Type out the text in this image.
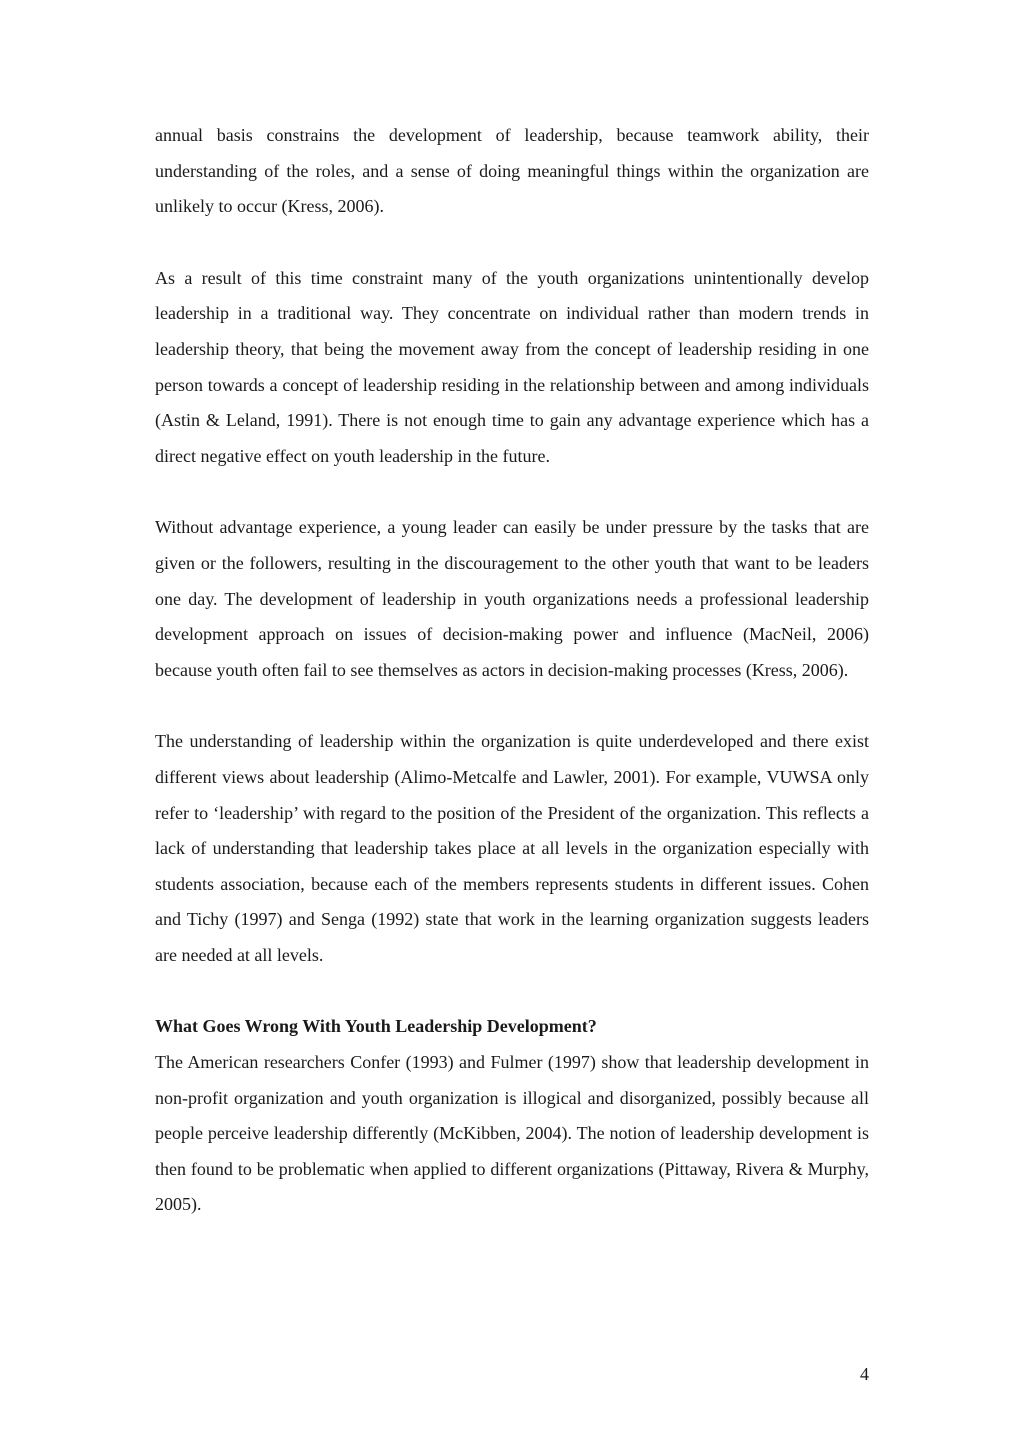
annual basis constrains the development of leadership, because teamwork ability, their understanding of the roles, and a sense of doing meaningful things within the organization are unlikely to occur (Kress, 2006).

As a result of this time constraint many of the youth organizations unintentionally develop leadership in a traditional way. They concentrate on individual rather than modern trends in leadership theory, that being the movement away from the concept of leadership residing in one person towards a concept of leadership residing in the relationship between and among individuals (Astin & Leland, 1991). There is not enough time to gain any advantage experience which has a direct negative effect on youth leadership in the future.

Without advantage experience, a young leader can easily be under pressure by the tasks that are given or the followers, resulting in the discouragement to the other youth that want to be leaders one day. The development of leadership in youth organizations needs a professional leadership development approach on issues of decision-making power and influence (MacNeil, 2006) because youth often fail to see themselves as actors in decision-making processes (Kress, 2006).

The understanding of leadership within the organization is quite underdeveloped and there exist different views about leadership (Alimo-Metcalfe and Lawler, 2001). For example, VUWSA only refer to ‘leadership’ with regard to the position of the President of the organization. This reflects a lack of understanding that leadership takes place at all levels in the organization especially with students association, because each of the members represents students in different issues. Cohen and Tichy (1997) and Senga (1992) state that work in the learning organization suggests leaders are needed at all levels.

What Goes Wrong With Youth Leadership Development?

The American researchers Confer (1993) and Fulmer (1997) show that leadership development in non-profit organization and youth organization is illogical and disorganized, possibly because all people perceive leadership differently (McKibben, 2004). The notion of leadership development is then found to be problematic when applied to different organizations (Pittaway, Rivera & Murphy, 2005).

4
